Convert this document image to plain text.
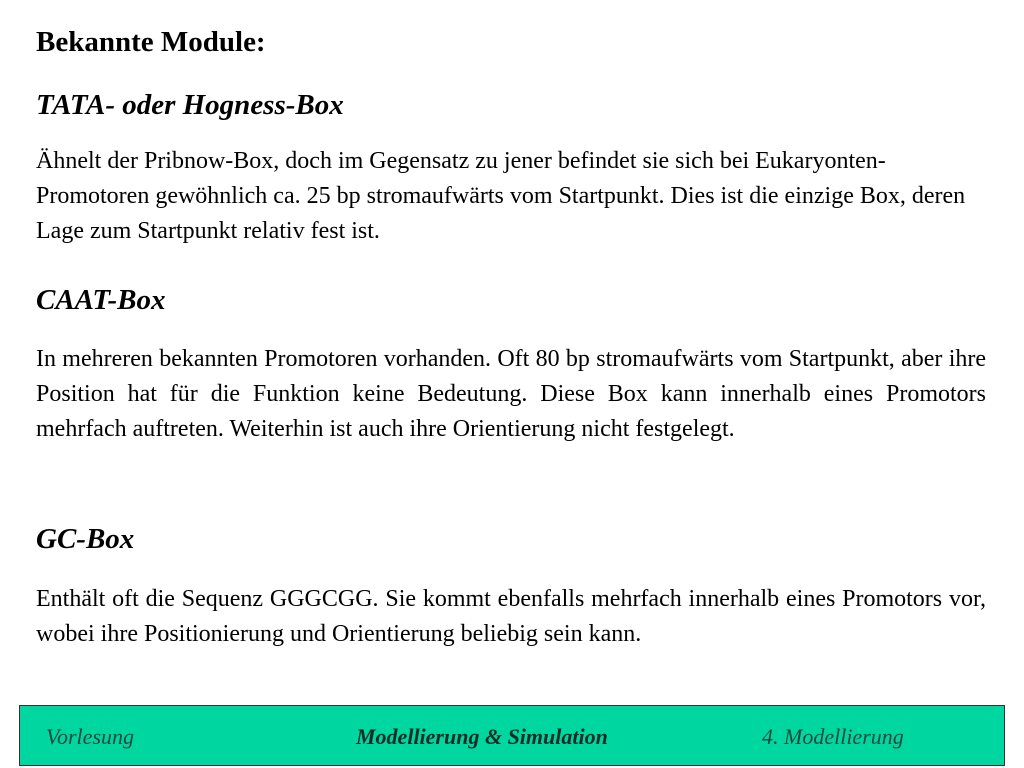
Bekannte Module:
TATA- oder Hogness-Box

Ähnelt der Pribnow-Box, doch im Gegensatz zu jener befindet sie sich bei Eukaryonten-Promotoren gewöhnlich ca. 25 bp stromaufwärts vom Startpunkt. Dies ist die einzige Box, deren Lage zum Startpunkt relativ fest ist.

CAAT-Box

In mehreren bekannten Promotoren vorhanden. Oft 80 bp stromaufwärts vom Startpunkt, aber ihre Position hat für die Funktion keine Bedeutung. Diese Box kann innerhalb eines Promotors mehrfach auftreten. Weiterhin ist auch ihre Orientierung nicht festgelegt.

GC-Box

Enthält oft die Sequenz GGGCGG. Sie kommt ebenfalls mehrfach innerhalb eines Promotors vor, wobei ihre Positionierung und Orientierung beliebig sein kann.

Vorlesung	Modellierung & Simulation	4. Modellierung
